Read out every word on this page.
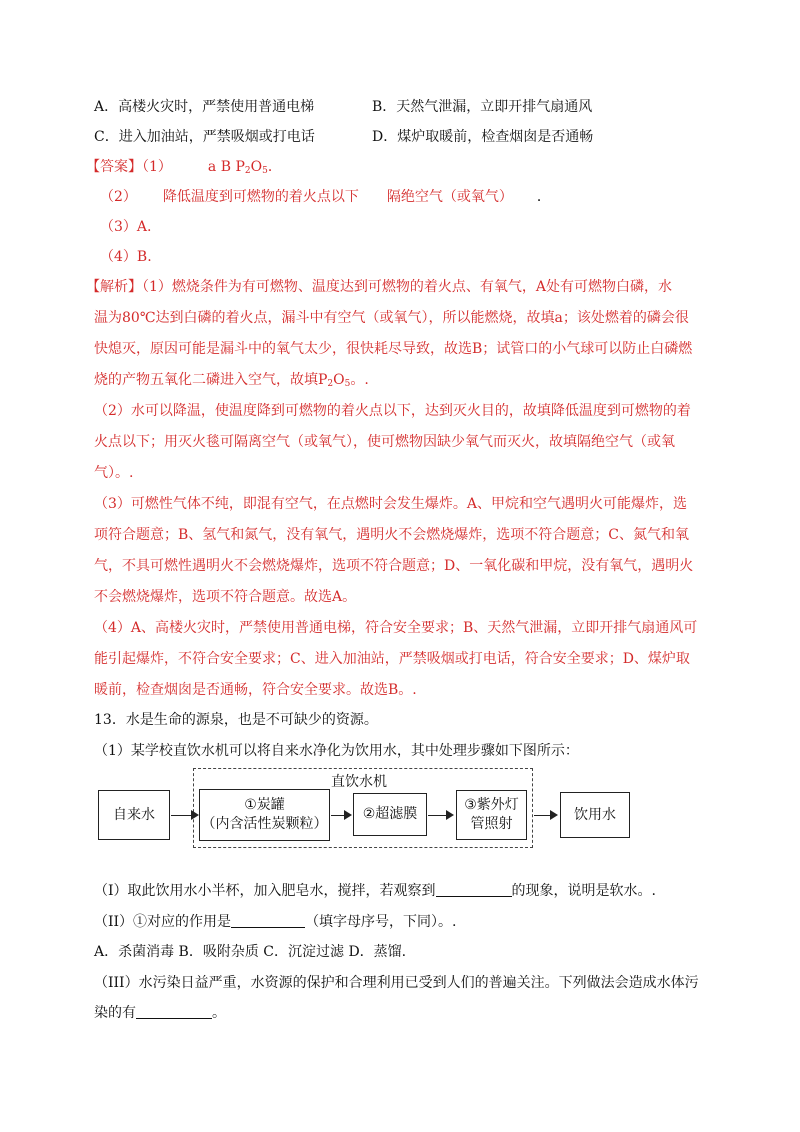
A．高楼火灾时，严禁使用普通电梯	B．天然气泄漏，立即开排气扇通风
C．进入加油站，严禁吸烟或打电话	D．煤炉取暖前，检查烟囱是否通畅
【答案】（1）	a B $P_2O_5$．
（2） 降低温度到可燃物的着火点以下 隔绝空气（或氧气） ．
（3）A.
（4）B.
【解析】（1）燃烧条件为有可燃物、温度达到可燃物的着火点、有氧气，A处有可燃物白磷，水
温为80℃达到白磷的着火点，漏斗中有空气（或氧气），所以能燃烧，故填a；该处燃着的磷会很
快熄灭，原因可能是漏斗中的氧气太少，很快耗尽导致，故选B；试管口的小气球可以防止白磷燃
烧的产物五氧化二磷进入空气，故填$P_2O_5$。.
（2）水可以降温，使温度降到可燃物的着火点以下，达到灭火目的，故填降低温度到可燃物的着
火点以下；用灭火毯可隔离空气（或氧气），使可燃物因缺少氧气而灭火，故填隔绝空气（或氧
气）。.
（3）可燃性气体不纯，即混有空气，在点燃时会发生爆炸。A、甲烷和空气遇明火可能爆炸，选
项符合题意；B、氢气和氮气，没有氧气，遇明火不会燃烧爆炸，选项不符合题意；C、氮气和氧
气，不具可燃性遇明火不会燃烧爆炸，选项不符合题意；D、一氧化碳和甲烷，没有氧气，遇明火
不会燃烧爆炸，选项不符合题意。故选A。
（4）A、高楼火灾时，严禁使用普通电梯，符合安全要求；B、天然气泄漏，立即开排气扇通风可
能引起爆炸，不符合安全要求；C、进入加油站，严禁吸烟或打电话，符合安全要求；D、煤炉取
暖前，检查烟囱是否通畅，符合安全要求。故选B。.
13．水是生命的源泉，也是不可缺少的资源。
（1）某学校直饮水机可以将自来水净化为饮用水，其中处理步骤如下图所示：
直饮水机
自来水
①炭罐
（内含活性炭颗粒）
②超滤膜
③紫外灯
管照射
饮用水
（I）取此饮用水小半杯，加入肥皂水，搅拌，若观察到	的现象，说明是软水。.
（II）①对应的作用是	（填字母序号，下同）。.
A．杀菌消毒 B．吸附杂质 C．沉淀过滤 D．蒸馏.
（III）水污染日益严重，水资源的保护和合理利用已受到人们的普遍关注。下列做法会造成水体污
染的有	。
